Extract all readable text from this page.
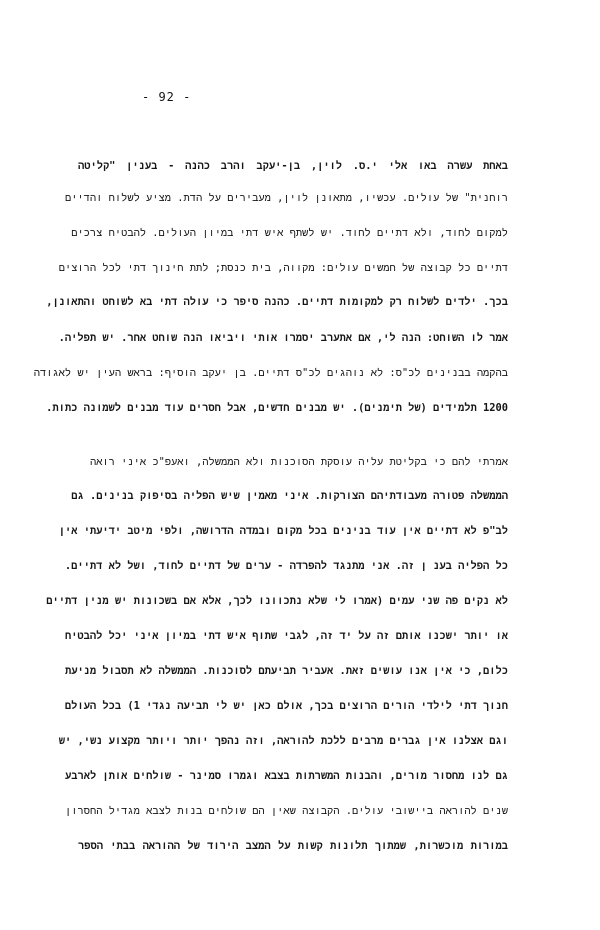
- 92 -
באחת עשרה באו אלי י.ס. לוין, בן-יעקב והרב כהנה - בענין "קליטה
רוחנית" של עולים. עכשיו, מתאונן לוין, מעבירים על הדת. מציע לשלוח והדיים
למקום לחוד, ולא דתיים לחוד. יש לשתף איש דתי במיון העולים. להבטיח צרכים
דתיים כל קבוצה של חמשים עולים: מקווה, בית כנסת; לתת חינוך דתי לכל הרוצים
בכך. ילדים לשלוח רק למקומות דתיים. כהנה סיפר כי עולה דתי בא לשוחט והתאונן,
אמר לו השוחט: הנה לי, אם אתערב יסמרו אותי ויביאו הנה שוחט אחר. יש תפליה.
בהקמה בבנינים לכ"ס: לא נוהגים לכ"ס דתיים. בן יעקב הוסיף: בראש העין יש לאגודה
1200 תלמידים (של תימנים). יש מבנים חדשים, אבל חסרים עוד מבנים לשמונה כתות.
אמרתי להם כי בקליטת עליה עוסקת הסוכנות ולא הממשלה, ואעפ"כ איני רואה
הממשלה פטורה מעבודתיהם הצורקות. איני מאמין שיש הפליה בסיפוק בנינים. גם
לב"פ לא דתיים אין עוד בנינים בכל מקום ובמדה הדרושה, ולפי מיטב ידיעתי אין
כל הפליה בענ ן זה. אני מתנגד להפרדה - ערים של דתיים לחוד, ושל לא דתיים.
לא נקים פה שני עמים (אמרו לי שלא נתכוונו לכך, אלא אם בשכונות יש מנין דתיים
או יותר ישכנו אותם זה על יד זה, לגבי שתוף איש דתי במיון איני יכל להבטיח
כלום, כי אין אנו עושים זאת. אעביר תביעתם לסוכנות. הממשלה לא תסבול מניעת
חנוך דתי לילדי הורים הרוצים בכך, אולם כאן יש לי תביעה נגדי 1) בכל העולם
וגם אצלנו אין גברים מרבים ללכת להוראה, וזה נהפך יותר ויותר מקצוע נשי, יש
גם לנו מחסור מורים, והבנות המשרתות בצבא וגמרו סמינר - שולחים אותן לארבע
שנים להוראה ביישובי עולים. הקבוצה שאין הם שולחים בנות לצבא מגדיל החסרון
במורות מוכשרות, שמתוך תלונות קשות על המצב הירוד של ההוראה בבתי הספר
